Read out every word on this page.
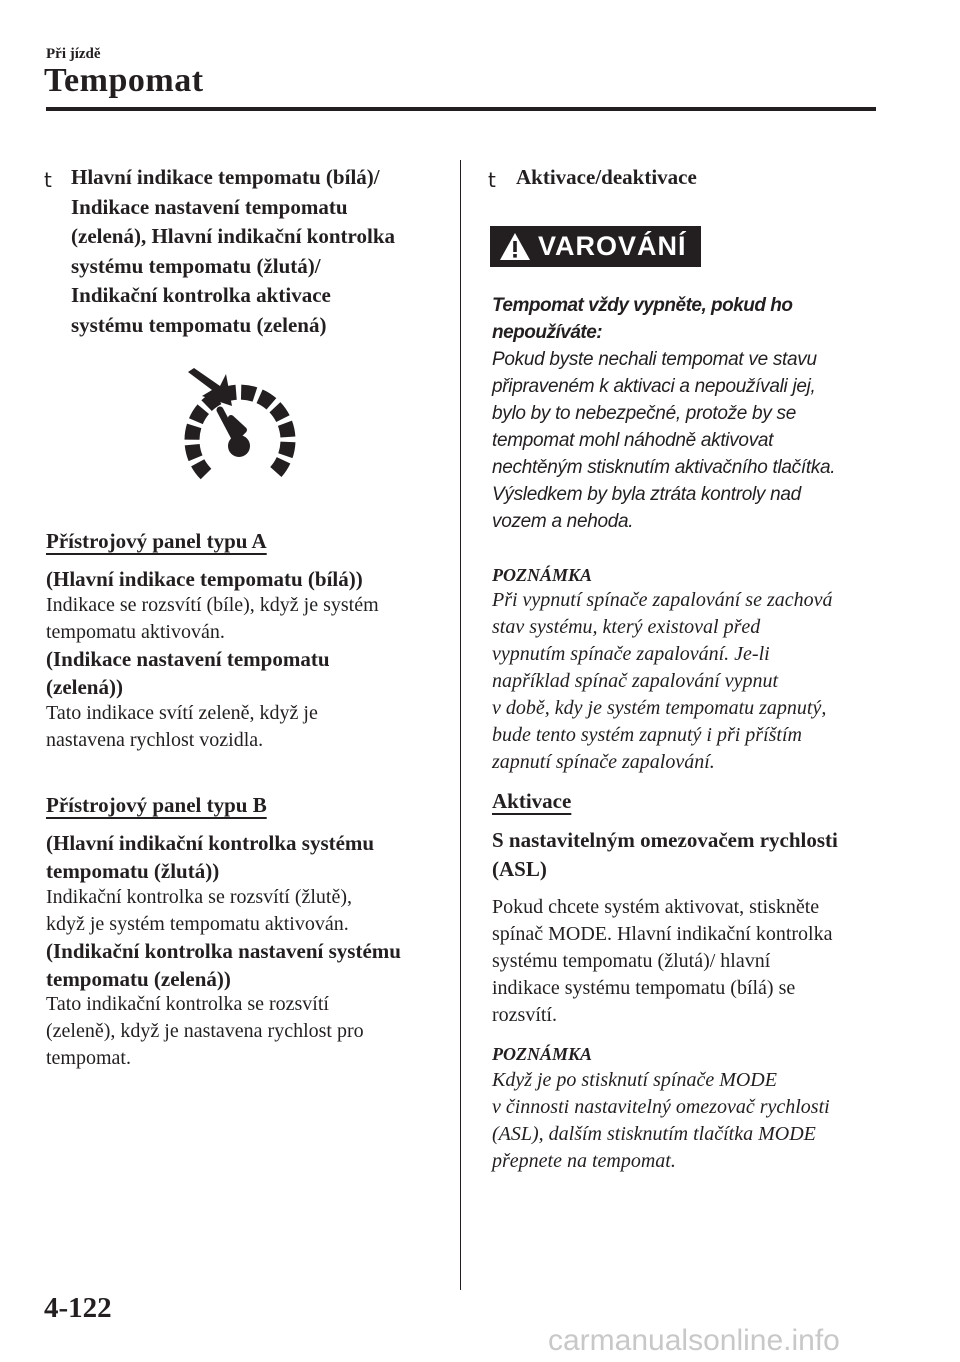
Při jízdě
Tempomat
t Hlavní indikace tempomatu (bílá)/
Indikace nastavení tempomatu
(zelená), Hlavní indikační kontrolka
systému tempomatu (žlutá)/
Indikační kontrolka aktivace
systému tempomatu (zelená)
Přístrojový panel typu A
(Hlavní indikace tempomatu (bílá))
Indikace se rozsvítí (bíle), když je systém
tempomatu aktivován.
(Indikace nastavení tempomatu
(zelená))
Tato indikace svítí zeleně, když je
nastavena rychlost vozidla.
Přístrojový panel typu B
(Hlavní indikační kontrolka systému
tempomatu (žlutá))
Indikační kontrolka se rozsvítí (žlutě),
když je systém tempomatu aktivován.
(Indikační kontrolka nastavení systému
tempomatu (zelená))
Tato indikační kontrolka se rozsvítí
(zeleně), když je nastavena rychlost pro
tempomat.
t Aktivace/deaktivace
VAROVÁNÍ
Tempomat vždy vypněte, pokud ho
nepoužíváte:
Pokud byste nechali tempomat ve stavu
připraveném k aktivaci a nepoužívali jej,
bylo by to nebezpečné, protože by se
tempomat mohl náhodně aktivovat
nechtěným stisknutím aktivačního tlačítka.
Výsledkem by byla ztráta kontroly nad
vozem a nehoda.
POZNÁMKA
Při vypnutí spínače zapalování se zachová
stav systému, který existoval před
vypnutím spínače zapalování. Je-li
například spínač zapalování vypnut
v době, kdy je systém tempomatu zapnutý,
bude tento systém zapnutý i při příštím
zapnutí spínače zapalování.
Aktivace
S nastavitelným omezovačem rychlosti
(ASL)
Pokud chcete systém aktivovat, stiskněte
spínač MODE. Hlavní indikační kontrolka
systému tempomatu (žlutá)/ hlavní
indikace systému tempomatu (bílá) se
rozsvítí.
POZNÁMKA
Když je po stisknutí spínače MODE
v činnosti nastavitelný omezovač rychlosti
(ASL), dalším stisknutím tlačítka MODE
přepnete na tempomat.
4-122
carmanualsonline.info
